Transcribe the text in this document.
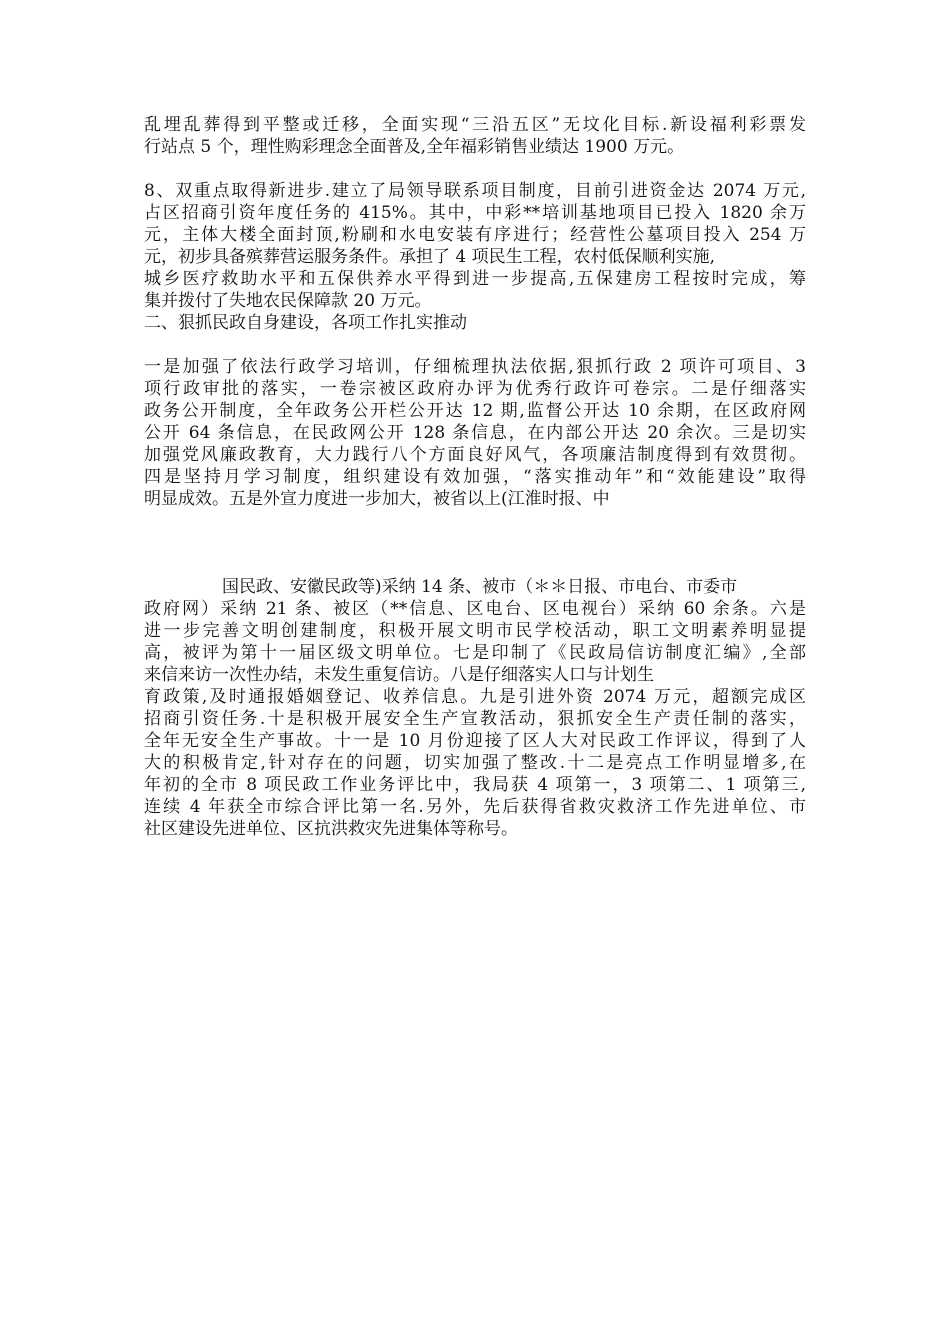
乱埋乱葬得到平整或迁移，全面实现“三沿五区”无坟化目标.新设福利彩票发

行站点 5 个，理性购彩理念全面普及,全年福彩销售业绩达 1900 万元。

8、双重点取得新进步.建立了局领导联系项目制度，目前引进资金达 2074 万元,

占区招商引资年度任务的 415%。其中，中彩**培训基地项目已投入 1820 余万

元，主体大楼全面封顶,粉刷和水电安装有序进行；经营性公墓项目投入 254 万

元，初步具备殡葬营运服务条件。承担了 4 项民生工程，农村低保顺利实施,

城乡医疗救助水平和五保供养水平得到进一步提高,五保建房工程按时完成，筹

集并拨付了失地农民保障款 20 万元。

二、狠抓民政自身建设，各项工作扎实推动

一是加强了依法行政学习培训，仔细梳理执法依据,狠抓行政 2 项许可项目、3

项行政审批的落实，一卷宗被区政府办评为优秀行政许可卷宗。二是仔细落实

政务公开制度，全年政务公开栏公开达 12 期,监督公开达 10 余期，在区政府网

公开 64 条信息，在民政网公开 128 条信息，在内部公开达 20 余次。三是切实

加强党风廉政教育，大力践行八个方面良好风气，各项廉洁制度得到有效贯彻。

四是坚持月学习制度，组织建设有效加强，“落实推动年”和“效能建设”取得

明显成效。五是外宣力度进一步加大，被省以上(江淮时报、中

国民政、安徽民政等)采纳 14 条、被市（＊＊日报、市电台、市委市

政府网）采纳 21 条、被区（**信息、区电台、区电视台）采纳 60 余条。六是

进一步完善文明创建制度，积极开展文明市民学校活动，职工文明素养明显提

高，被评为第十一届区级文明单位。七是印制了《民政局信访制度汇编》,全部

来信来访一次性办结，未发生重复信访。八是仔细落实人口与计划生

育政策,及时通报婚姻登记、收养信息。九是引进外资 2074 万元，超额完成区

招商引资任务.十是积极开展安全生产宣教活动，狠抓安全生产责任制的落实，

全年无安全生产事故。十一是 10 月份迎接了区人大对民政工作评议，得到了人

大的积极肯定,针对存在的问题，切实加强了整改.十二是亮点工作明显增多,在

年初的全市 8 项民政工作业务评比中，我局获 4 项第一，3 项第二、1 项第三,

连续 4 年获全市综合评比第一名.另外，先后获得省救灾救济工作先进单位、市

社区建设先进单位、区抗洪救灾先进集体等称号。
